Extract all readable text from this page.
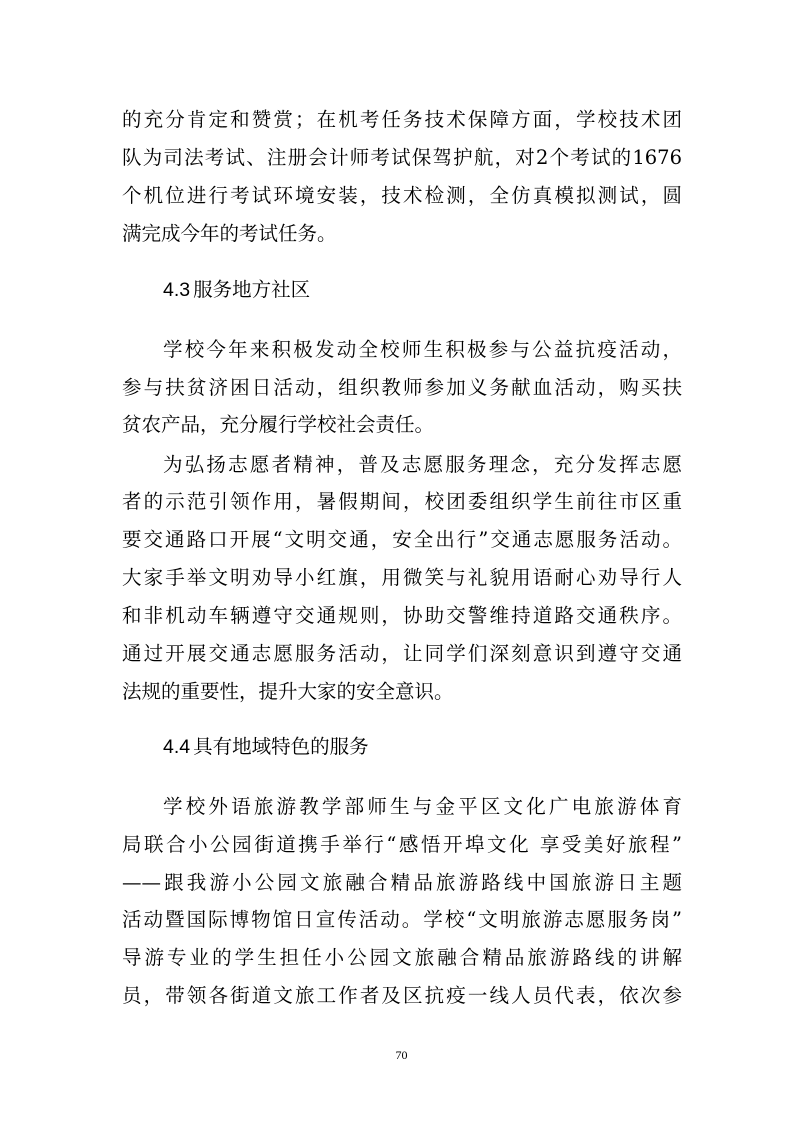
的充分肯定和赞赏；在机考任务技术保障方面，学校技术团
队为司法考试、注册会计师考试保驾护航，对2个考试的1676
个机位进行考试环境安装，技术检测，全仿真模拟测试，圆
满完成今年的考试任务。
4.3 服务地方社区
学校今年来积极发动全校师生积极参与公益抗疫活动，
参与扶贫济困日活动，组织教师参加义务献血活动，购买扶
贫农产品，充分履行学校社会责任。
为弘扬志愿者精神，普及志愿服务理念，充分发挥志愿
者的示范引领作用，暑假期间，校团委组织学生前往市区重
要交通路口开展“文明交通，安全出行”交通志愿服务活动。
大家手举文明劝导小红旗，用微笑与礼貌用语耐心劝导行人
和非机动车辆遵守交通规则，协助交警维持道路交通秩序。
通过开展交通志愿服务活动，让同学们深刻意识到遵守交通
法规的重要性，提升大家的安全意识。
4.4 具有地域特色的服务
学校外语旅游教学部师生与金平区文化广电旅游体育
局联合小公园街道携手举行“感悟开埠文化 享受美好旅程”
——跟我游小公园文旅融合精品旅游路线中国旅游日主题
活动暨国际博物馆日宣传活动。学校“文明旅游志愿服务岗”
导游专业的学生担任小公园文旅融合精品旅游路线的讲解
员，带领各街道文旅工作者及区抗疫一线人员代表，依次参
70
